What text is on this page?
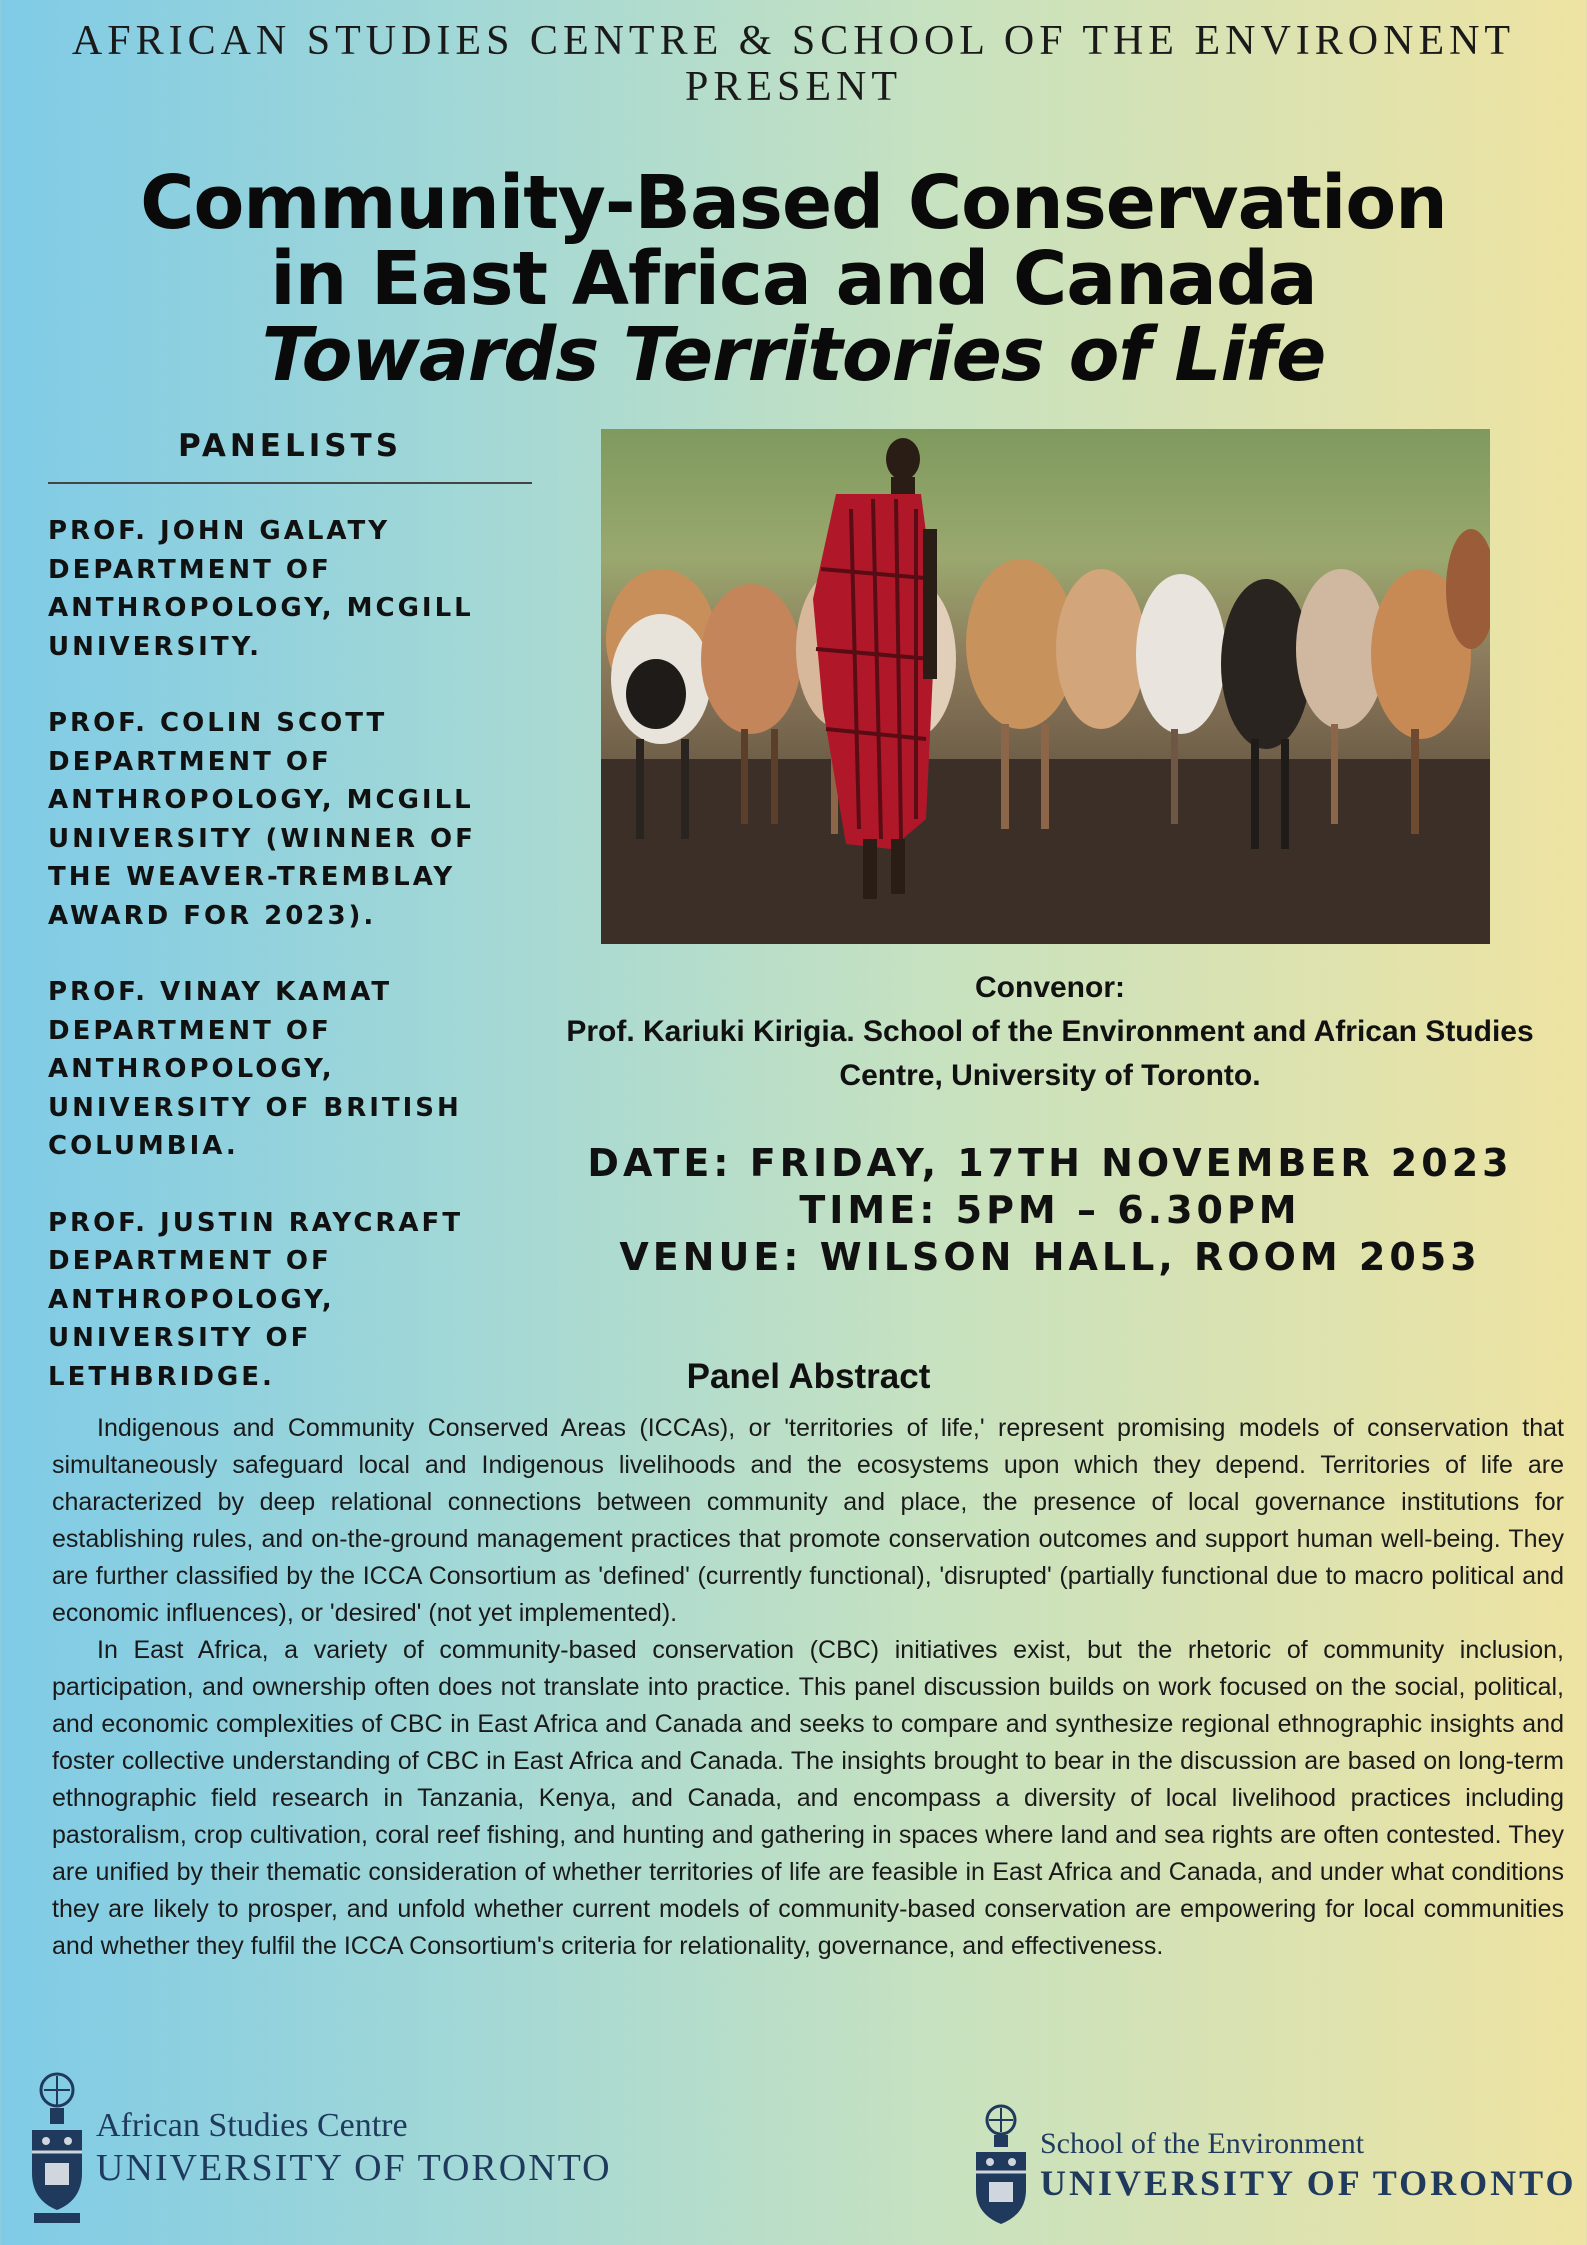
AFRICAN STUDIES CENTRE & SCHOOL OF THE ENVIRONENT
PRESENT
Community-Based Conservation
in East Africa and Canada
Towards Territories of Life
PANELISTS
PROF. JOHN GALATY
DEPARTMENT OF ANTHROPOLOGY, MCGILL UNIVERSITY.
PROF. COLIN SCOTT
DEPARTMENT OF ANTHROPOLOGY, MCGILL UNIVERSITY (WINNER OF THE WEAVER-TREMBLAY AWARD FOR 2023).
PROF. VINAY KAMAT
DEPARTMENT OF ANTHROPOLOGY, UNIVERSITY OF BRITISH COLUMBIA.
PROF. JUSTIN RAYCRAFT
DEPARTMENT OF ANTHROPOLOGY, UNIVERSITY OF LETHBRIDGE.
Convenor:
Prof. Kariuki Kirigia. School of the Environment and African Studies Centre, University of Toronto.
DATE: FRIDAY, 17TH NOVEMBER 2023
TIME: 5PM – 6.30PM
VENUE: WILSON HALL, ROOM 2053
Panel Abstract

Indigenous and Community Conserved Areas (ICCAs), or 'territories of life,' represent promising models of conservation that simultaneously safeguard local and Indigenous livelihoods and the ecosystems upon which they depend. Territories of life are characterized by deep relational connections between community and place, the presence of local governance institutions for establishing rules, and on-the-ground management practices that promote conservation outcomes and support human well-being. They are further classified by the ICCA Consortium as 'defined' (currently functional), 'disrupted' (partially functional due to macro political and economic influences), or 'desired' (not yet implemented).

In East Africa, a variety of community-based conservation (CBC) initiatives exist, but the rhetoric of community inclusion, participation, and ownership often does not translate into practice. This panel discussion builds on work focused on the social, political, and economic complexities of CBC in East Africa and Canada and seeks to compare and synthesize regional ethnographic insights and foster collective understanding of CBC in East Africa and Canada. The insights brought to bear in the discussion are based on long-term ethnographic field research in Tanzania, Kenya, and Canada, and encompass a diversity of local livelihood practices including pastoralism, crop cultivation, coral reef fishing, and hunting and gathering in spaces where land and sea rights are often contested. They are unified by their thematic consideration of whether territories of life are feasible in East Africa and Canada, and under what conditions they are likely to prosper, and unfold whether current models of community-based conservation are empowering for local communities and whether they fulfil the ICCA Consortium's criteria for relationality, governance, and effectiveness.

African Studies Centre
UNIVERSITY OF TORONTO
School of the Environment
UNIVERSITY OF TORONTO
